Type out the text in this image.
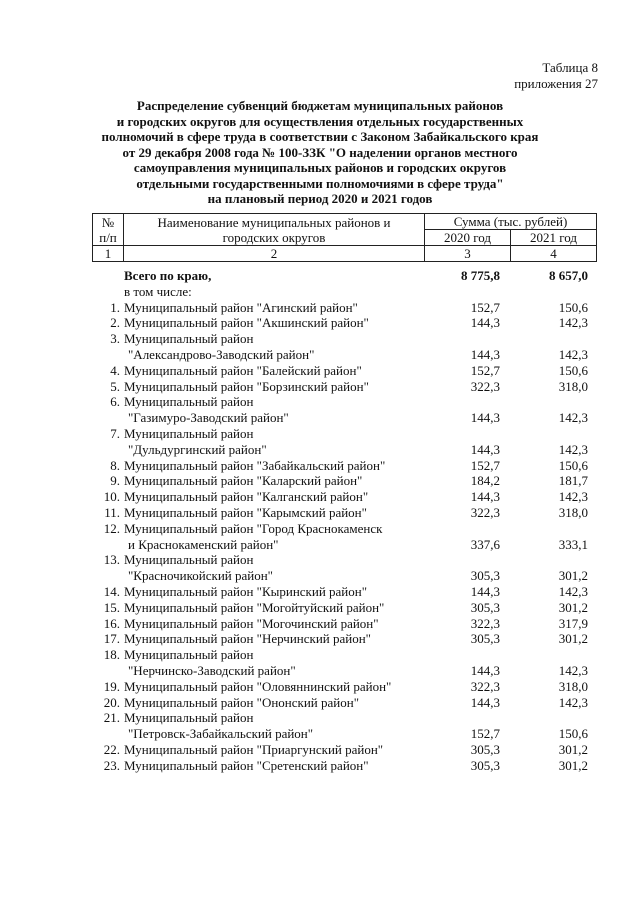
Таблица 8
приложения 27
Распределение субвенций бюджетам муниципальных районов
и городских округов для осуществления отдельных государственных
полномочий в сфере труда в соответствии с Законом Забайкальского края
от 29 декабря 2008 года № 100-ЗЗК "О наделении органов местного
самоуправления муниципальных районов и городских округов
отдельными государственными полномочиями в сфере труда"
на плановый период 2020 и 2021 годов
№
п/п	Наименование муниципальных районов и городских округов	Сумма (тыс. рублей)	
		2020 год	2021 год
1	2	3	4
Всего по краю,	8 775,8	8 657,0
в том числе:
1. Муниципальный район "Агинский район"	152,7	150,6
2. Муниципальный район "Акшинский район"	144,3	142,3
3. Муниципальный район
"Александрово-Заводский район"	144,3	142,3
4. Муниципальный район "Балейский район"	152,7	150,6
5. Муниципальный район "Борзинский район"	322,3	318,0
6. Муниципальный район
"Газимуро-Заводский район"	144,3	142,3
7. Муниципальный район
"Дульдургинский район"	144,3	142,3
8. Муниципальный район "Забайкальский район"	152,7	150,6
9. Муниципальный район "Каларский район"	184,2	181,7
10. Муниципальный район "Калганский район"	144,3	142,3
11. Муниципальный район "Карымский район"	322,3	318,0
12. Муниципальный район "Город Краснокаменск
и Краснокаменский район"	337,6	333,1
13. Муниципальный район
"Красночикойский район"	305,3	301,2
14. Муниципальный район "Кыринский район"	144,3	142,3
15. Муниципальный район "Могойтуйский район"	305,3	301,2
16. Муниципальный район "Могочинский район"	322,3	317,9
17. Муниципальный район "Нерчинский район"	305,3	301,2
18. Муниципальный район
"Нерчинско-Заводский район"	144,3	142,3
19. Муниципальный район "Оловяннинский район"	322,3	318,0
20. Муниципальный район "Ононский район"	144,3	142,3
21. Муниципальный район
"Петровск-Забайкальский район"	152,7	150,6
22. Муниципальный район "Приаргунский район"	305,3	301,2
23. Муниципальный район "Сретенский район"	305,3	301,2
